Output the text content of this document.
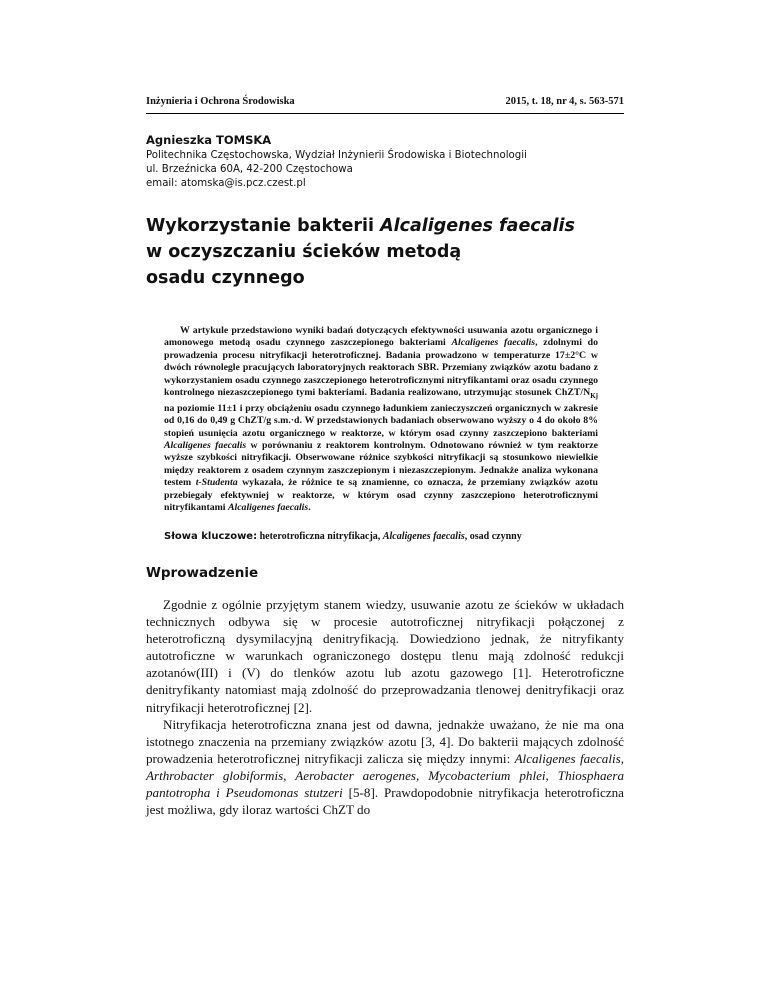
Inżynieria i Ochrona Środowiska	2015, t. 18, nr 4, s. 563-571
Agnieszka TOMSKA
Politechnika Częstochowska, Wydział Inżynierii Środowiska i Biotechnologii
ul. Brzeźnicka 60A, 42-200 Częstochowa
email: atomska@is.pcz.czest.pl
Wykorzystanie bakterii Alcaligenes faecalis
w oczyszczaniu ścieków metodą
osadu czynnego
W artykule przedstawiono wyniki badań dotyczących efektywności usuwania azotu organicznego i amonowego metodą osadu czynnego zaszczepionego bakteriami Alcaligenes faecalis, zdolnymi do prowadzenia procesu nitryfikacji heterotroficznej. Badania prowadzono w temperaturze 17±2°C w dwóch równolegle pracujących laboratoryjnych reaktorach SBR. Przemiany związków azotu badano z wykorzystaniem osadu czynnego zaszczepionego heterotroficznymi nitryfikantami oraz osadu czynnego kontrolnego niezaszczepionego tymi bakteriami. Badania realizowano, utrzymując stosunek ChZT/$N_{Kj}$ na poziomie 11±1 i przy obciążeniu osadu czynnego ładunkiem zanieczyszczeń organicznych w zakresie od 0,16 do 0,49 g ChZT/g s.m.·d. W przedstawionych badaniach obserwowano wyższy o 4 do około 8% stopień usunięcia azotu organicznego w reaktorze, w którym osad czynny zaszczepiono bakteriami Alcaligenes faecalis w porównaniu z reaktorem kontrolnym. Odnotowano również w tym reaktorze wyższe szybkości nitryfikacji. Obserwowane różnice szybkości nitryfikacji są stosunkowo niewielkie między reaktorem z osadem czynnym zaszczepionym i niezaszczepionym. Jednakże analiza wykonana testem t-Studenta wykazała, że różnice te są znamienne, co oznacza, że przemiany związków azotu przebiegały efektywniej w reaktorze, w którym osad czynny zaszczepiono heterotroficznymi nitryfikantami Alcaligenes faecalis.
Słowa kluczowe: heterotroficzna nitryfikacja, Alcaligenes faecalis, osad czynny
Wprowadzenie

Zgodnie z ogólnie przyjętym stanem wiedzy, usuwanie azotu ze ścieków w układach technicznych odbywa się w procesie autotroficznej nitryfikacji połączonej z heterotroficzną dysymilacyjną denitryfikacją. Dowiedziono jednak, że nitryfikanty autotroficzne w warunkach ograniczonego dostępu tlenu mają zdolność redukcji azotanów(III) i (V) do tlenków azotu lub azotu gazowego [1]. Heterotroficzne denitryfikanty natomiast mają zdolność do przeprowadzania tlenowej denitryfikacji oraz nitryfikacji heterotroficznej [2].

Nitryfikacja heterotroficzna znana jest od dawna, jednakże uważano, że nie ma ona istotnego znaczenia na przemiany związków azotu [3, 4]. Do bakterii mających zdolność prowadzenia heterotroficznej nitryfikacji zalicza się między innymi: Alcaligenes faecalis, Arthrobacter globiformis, Aerobacter aerogenes, Mycobacterium phlei, Thiosphaera pantotropha i Pseudomonas stutzeri [5-8]. Prawdopodobnie nitryfikacja heterotroficzna jest możliwa, gdy iloraz wartości ChZT do
